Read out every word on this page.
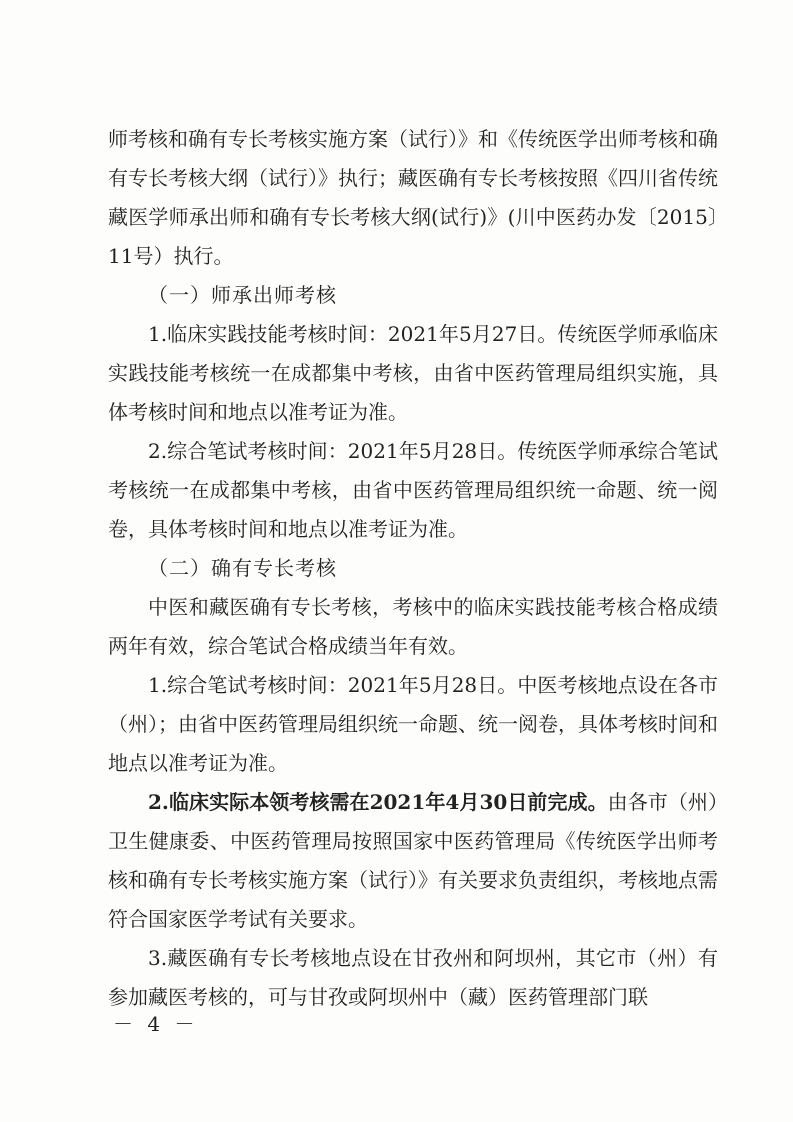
师考核和确有专长考核实施方案（试行）》和《传统医学出师考核和确有专长考核大纲（试行）》执行；藏医确有专长考核按照《四川省传统藏医学师承出师和确有专长考核大纲(试行)》(川中医药办发〔2015〕11号）执行。

（一）师承出师考核

1.临床实践技能考核时间：2021年5月27日。传统医学师承临床实践技能考核统一在成都集中考核，由省中医药管理局组织实施，具体考核时间和地点以准考证为准。

2.综合笔试考核时间：2021年5月28日。传统医学师承综合笔试考核统一在成都集中考核，由省中医药管理局组织统一命题、统一阅卷，具体考核时间和地点以准考证为准。

（二）确有专长考核

中医和藏医确有专长考核，考核中的临床实践技能考核合格成绩两年有效，综合笔试合格成绩当年有效。

1.综合笔试考核时间：2021年5月28日。中医考核地点设在各市（州）；由省中医药管理局组织统一命题、统一阅卷，具体考核时间和地点以准考证为准。

2.临床实际本领考核需在2021年4月30日前完成。由各市（州）卫生健康委、中医药管理局按照国家中医药管理局《传统医学出师考核和确有专长考核实施方案（试行）》有关要求负责组织，考核地点需符合国家医学考试有关要求。

3.藏医确有专长考核地点设在甘孜州和阿坝州，其它市（州）有参加藏医考核的，可与甘孜或阿坝州中（藏）医药管理部门联

－ 4 －
